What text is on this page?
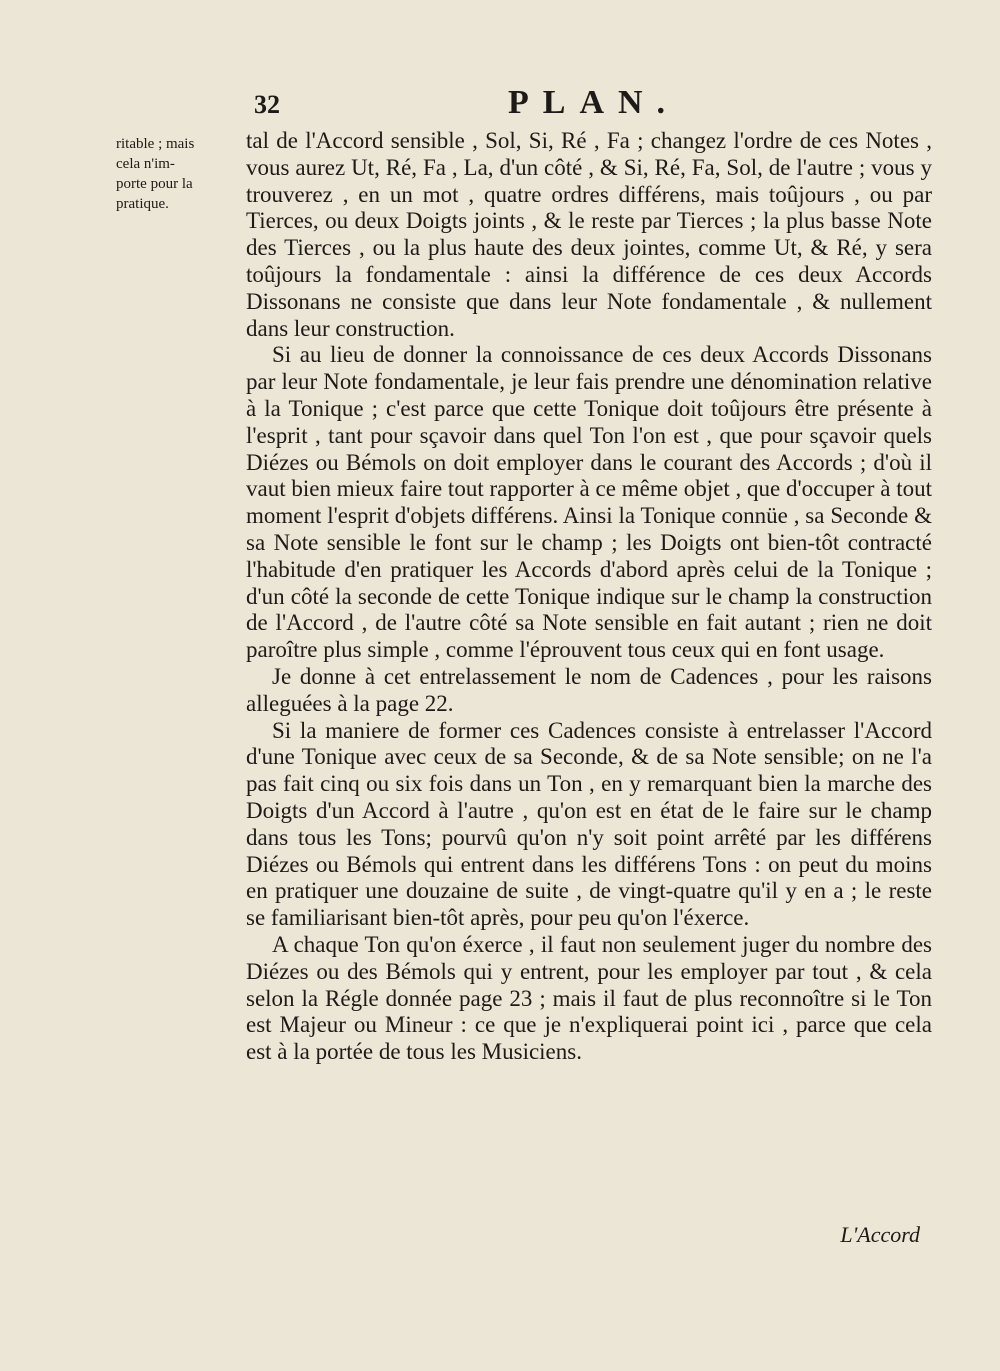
32	PLAN.
ritable ; mais
cela n'im-
porte pour la
pratique.

tal de l'Accord sensible , Sol, Si, Ré , Fa ; changez l'ordre de ces Notes , vous aurez Ut, Ré, Fa , La, d'un côté , & Si, Ré, Fa, Sol, de l'autre ; vous y trouverez , en un mot , quatre ordres différens, mais toûjours , ou par Tierces, ou deux Doigts joints , & le reste par Tierces ; la plus basse Note des Tierces , ou la plus haute des deux jointes, comme Ut, & Ré, y sera toûjours la fondamentale : ainsi la différence de ces deux Accords Dissonans ne consiste que dans leur Note fondamentale , & nullement dans leur construction.

Si au lieu de donner la connoissance de ces deux Accords Dissonans par leur Note fondamentale, je leur fais prendre une dénomination relative à la Tonique ; c'est parce que cette Tonique doit toûjours être présente à l'esprit , tant pour sçavoir dans quel Ton l'on est , que pour sçavoir quels Diézes ou Bémols on doit employer dans le courant des Accords ; d'où il vaut bien mieux faire tout rapporter à ce même objet , que d'occuper à tout moment l'esprit d'objets différens. Ainsi la Tonique connüe , sa Seconde & sa Note sensible le font sur le champ ; les Doigts ont bien-tôt contracté l'habitude d'en pratiquer les Accords d'abord après celui de la Tonique ; d'un côté la seconde de cette Tonique indique sur le champ la construction de l'Accord , de l'autre côté sa Note sensible en fait autant ; rien ne doit paroître plus simple , comme l'éprouvent tous ceux qui en font usage.

Je donne à cet entrelassement le nom de Cadences , pour les raisons alleguées à la page 22.

Si la maniere de former ces Cadences consiste à entrelasser l'Accord d'une Tonique avec ceux de sa Seconde, & de sa Note sensible; on ne l'a pas fait cinq ou six fois dans un Ton , en y remarquant bien la marche des Doigts d'un Accord à l'autre , qu'on est en état de le faire sur le champ dans tous les Tons; pourvû qu'on n'y soit point arrêté par les différens Diézes ou Bémols qui entrent dans les différens Tons : on peut du moins en pratiquer une douzaine de suite , de vingt-quatre qu'il y en a ; le reste se familiarisant bien-tôt après, pour peu qu'on l'éxerce.

A chaque Ton qu'on éxerce , il faut non seulement juger du nombre des Diézes ou des Bémols qui y entrent, pour les employer par tout , & cela selon la Régle donnée page 23 ; mais il faut de plus reconnoître si le Ton est Majeur ou Mineur : ce que je n'expliquerai point ici , parce que cela est à la portée de tous les Musiciens.

L'Accord
